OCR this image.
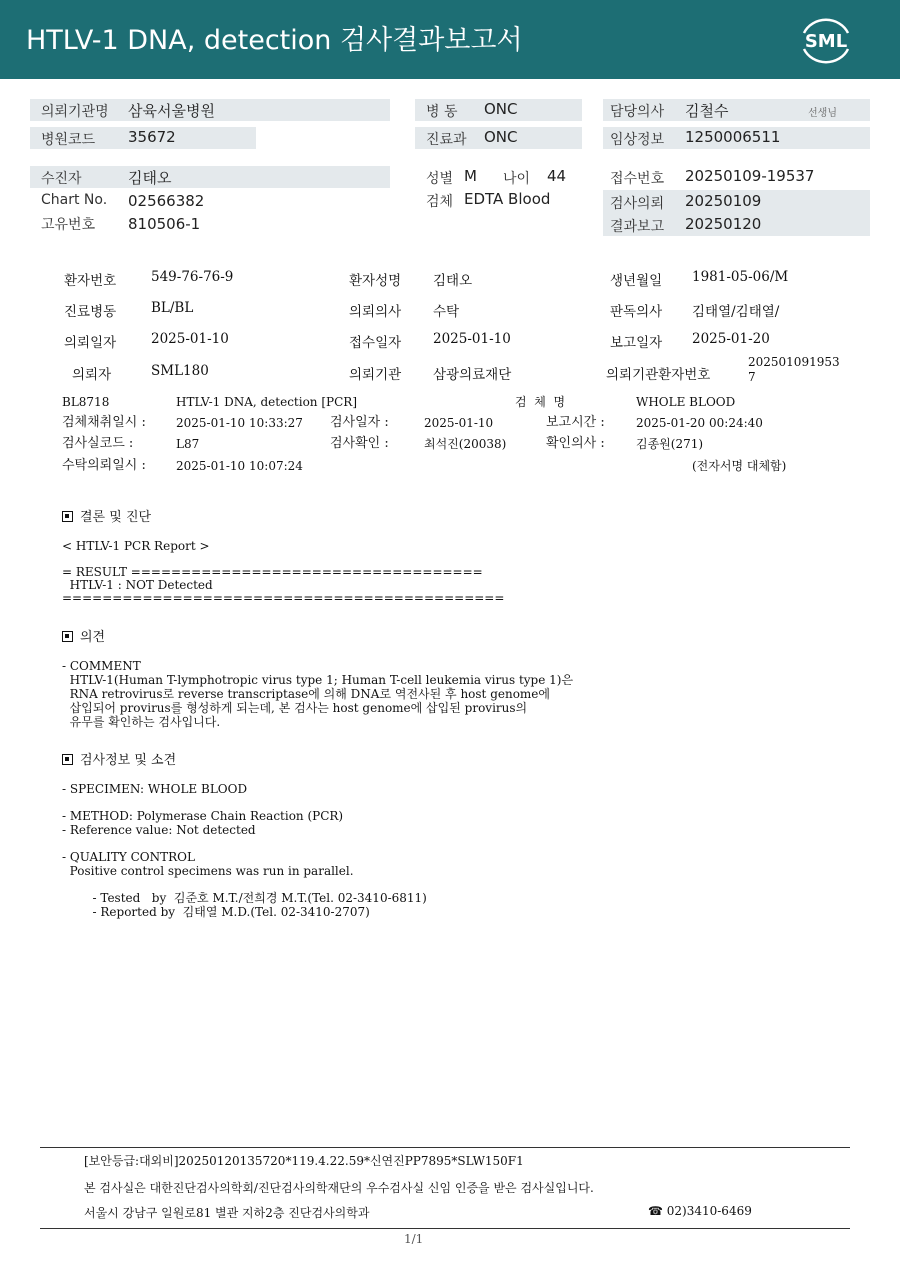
HTLV-1 DNA, detection 검사결과보고서	SML
의뢰기관명 삼육서울병원
병원코드 35672
병 동 ONC
진료과 ONC
담당의사 김철수	선생님
임상정보 1250006511
수진자	김태오
Chart No. 02566382
고유번호 810506-1
성별 M 나이 44
검체 EDTA Blood
접수번호 20250109-19537
검사의뢰 20250109
결과보고 20250120
환자번호	549-76-76-9	환자성명 김태오	생년월일 1981-05-06/M
진료병동	BL/BL	의뢰의사 수탁	판독의사 김태열/김태열/
의뢰일자	2025-01-10	접수일자 2025-01-10	보고일자 2025-01-20
의뢰자	SML180	의뢰기관 삼광의료재단	의뢰기관환자번호
202501091953
7
BL8718	HTLV-1 DNA, detection [PCR]	검  체  명	WHOLE BLOOD
검체채취일시 :	2025-01-10 10:33:27 검사일자 :	2025-01-10	보고시간 :	2025-01-20 00:24:40
검사실코드 :	L87	검사확인 :	최석진(20038)	확인의사 :	김종원(271)
수탁의뢰일시 :	2025-01-10 10:07:24	(전자서명 대체함)
결론 및 진단
< HTLV-1 PCR Report >
= RESULT ===================================
HTLV-1 : NOT Detected
============================================
의견
- COMMENT
HTLV-1(Human T-lymphotropic virus type 1; Human T-cell leukemia virus type 1)은
RNA retrovirus로 reverse transcriptase에 의해 DNA로 역전사된 후 host genome에
삽입되어 provirus를 형성하게 되는데, 본 검사는 host genome에 삽입된 provirus의
유무를 확인하는 검사입니다.
검사정보 및 소견
- SPECIMEN: WHOLE BLOOD
- METHOD: Polymerase Chain Reaction (PCR)
- Reference value: Not detected
- QUALITY CONTROL
Positive control specimens was run in parallel.
- Tested   by  김준호 M.T./전희경 M.T.(Tel. 02-3410-6811)
- Reported by  김태열 M.D.(Tel. 02-3410-2707)
[보안등급:대외비]20250120135720*119.4.22.59*신연진PP7895*SLW150F1
본 검사실은 대한진단검사의학회/진단검사의학재단의 우수검사실 신임 인증을 받은 검사실입니다.
서울시 강남구 일원로81 별관 지하2층 진단검사의학과	☎ 02)3410-6469
1/1
